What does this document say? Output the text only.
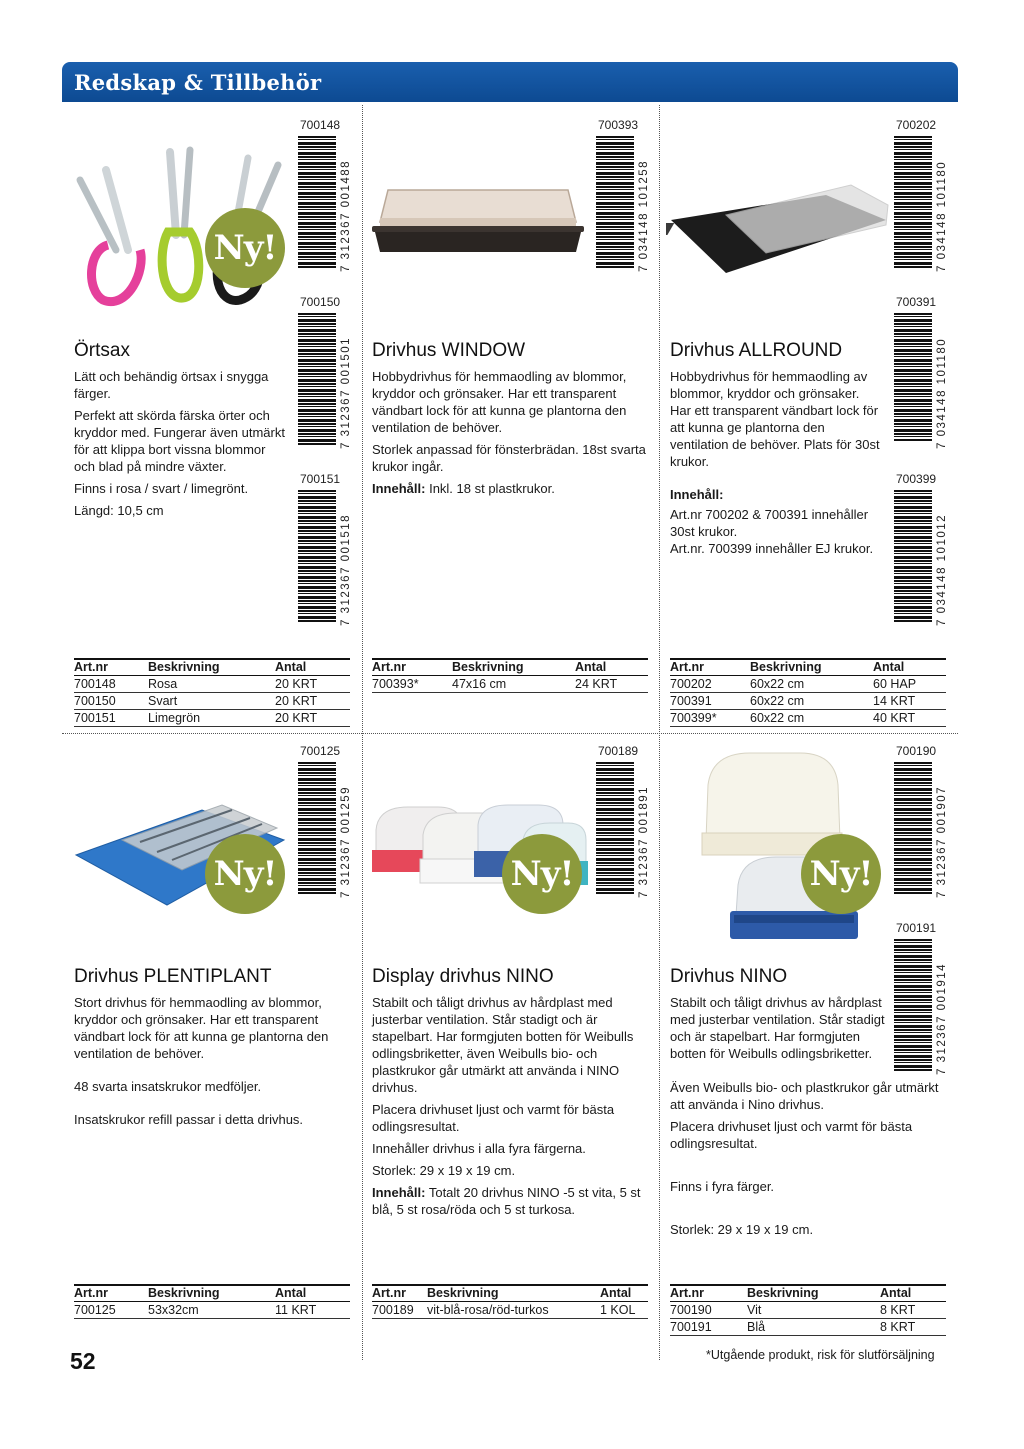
Redskap & Tillbehör
Ny!
700148
7 312367 001488
700150
7 312367 001501
700151
7 312367 001518
Örtsax

Lätt och behändig örtsax i snygga färger.

Perfekt att skörda färska örter och kryddor med. Fungerar även utmärkt för att klippa bort vissna blommor och blad på mindre växter.

Finns i rosa / svart / limegrönt.

Längd: 10,5 cm

Art.nr	Beskrivning	Antal
700148	Rosa	20 KRT
700150	Svart	20 KRT
700151	Limegrön	20 KRT
700393
7 034148 101258
Drivhus WINDOW

Hobbydrivhus för hemmaodling av blommor, kryddor och grönsaker. Har ett transparent vändbart lock för att kunna ge plantorna den ventilation de behöver.

Storlek anpassad för fönsterbrädan. 18st svarta krukor ingår.

Innehåll: Inkl. 18 st plastkrukor.

Art.nr	Beskrivning	Antal
700393*	47x16 cm	24 KRT
700202
7 034148 101180
700391
7 034148 101180
700399
7 034148 101012
Drivhus ALLROUND

Hobbydrivhus för hemmaodling av blommor, kryddor och grönsaker. Har ett transparent vändbart lock för att kunna ge plantorna den ventilation de behöver. Plats för 30st krukor.

Innehåll:

Art.nr 700202 & 700391 innehåller 30st krukor.

Art.nr. 700399 innehåller EJ krukor.

Art.nr	Beskrivning	Antal
700202	60x22 cm	60 HAP
700391	60x22 cm	14 KRT
700399*	60x22 cm	40 KRT
Ny!
700125
7 312367 001259
Drivhus PLENTIPLANT

Stort drivhus för hemmaodling av blommor, kryddor och grönsaker. Har ett transparent vändbart lock för att kunna ge plantorna den ventilation de behöver.

48 svarta insatskrukor medföljer.

Insatskrukor refill passar i detta drivhus.

Art.nr	Beskrivning	Antal
700125	53x32cm	11 KRT
Ny!
700189
7 312367 001891
Display drivhus NINO

Stabilt och tåligt drivhus av hårdplast med justerbar ventilation. Står stadigt och är stapelbart. Har formgjuten botten för Weibulls odlingsbriketter, även Weibulls bio- och plastkrukor går utmärkt att använda i NINO drivhus.

Placera drivhuset ljust och varmt för bästa odlingsresultat.

Innehåller drivhus i alla fyra färgerna.

Storlek: 29 x 19 x 19 cm.

Innehåll: Totalt 20 drivhus NINO -5 st vita, 5 st blå, 5 st rosa/röda och 5 st turkosa.

Art.nr	Beskrivning	Antal
700189	vit-blå-rosa/röd-turkos	1 KOL
Ny!
700190
7 312367 001907
700191
7 312367 001914
Drivhus NINO

Stabilt och tåligt drivhus av hårdplast med justerbar ventilation. Står stadigt och är stapelbart. Har formgjuten botten för Weibulls odlingsbriketter.

Även Weibulls bio- och plastkrukor går utmärkt att använda i Nino drivhus.

Placera drivhuset ljust och varmt för bästa odlingsresultat.

Finns i fyra färger.

Storlek: 29 x 19 x 19 cm.

Art.nr	Beskrivning	Antal
700190	Vit	8 KRT
700191	Blå	8 KRT
52	*Utgående produkt, risk för slutförsäljning
